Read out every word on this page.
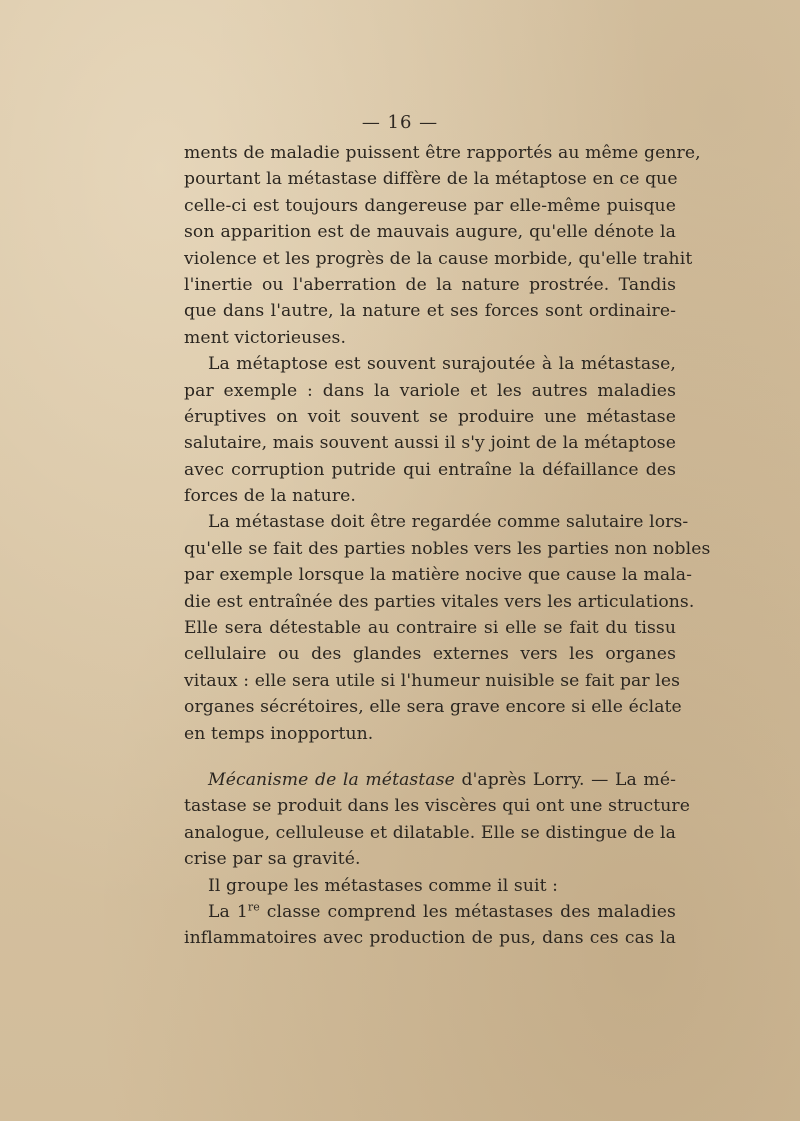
— 16 —
ments de maladie puissent être rapportés au même genre,
pourtant la métastase diffère de la métaptose en ce que
celle-ci est toujours dangereuse par elle-même puisque
son apparition est de mauvais augure, qu'elle dénote la
violence et les progrès de la cause morbide, qu'elle trahit
l'inertie ou l'aberration de la nature prostrée. Tandis
que dans l'autre, la nature et ses forces sont ordinaire-
ment victorieuses.
La métaptose est souvent surajoutée à la métastase,
par exemple : dans la variole et les autres maladies
éruptives on voit souvent se produire une métastase
salutaire, mais souvent aussi il s'y joint de la métaptose
avec corruption putride qui entraîne la défaillance des
forces de la nature.
La métastase doit être regardée comme salutaire lors-
qu'elle se fait des parties nobles vers les parties non nobles
par exemple lorsque la matière nocive que cause la mala-
die est entraînée des parties vitales vers les articulations.
Elle sera détestable au contraire si elle se fait du tissu
cellulaire ou des glandes externes vers les organes
vitaux : elle sera utile si l'humeur nuisible se fait par les
organes sécrétoires, elle sera grave encore si elle éclate
en temps inopportun.
Mécanisme de la métastase d'après Lorry. — La mé-
tastase se produit dans les viscères qui ont une structure
analogue, celluleuse et dilatable. Elle se distingue de la
crise par sa gravité.
Il groupe les métastases comme il suit :
La 1re classe comprend les métastases des maladies
inflammatoires avec production de pus, dans ces cas la
